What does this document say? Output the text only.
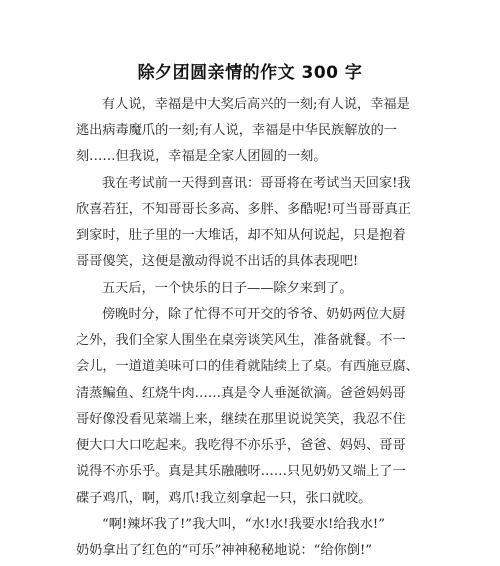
除夕团圆亲情的作文 300 字
有人说，幸福是中大奖后高兴的一刻;有人说，幸福是
逃出病毒魔爪的一刻;有人说，幸福是中华民族解放的一
刻……但我说，幸福是全家人团圆的一刻。
我在考试前一天得到喜讯：哥哥将在考试当天回家!我
欣喜若狂，不知哥哥长多高、多胖、多酷呢!可当哥哥真正
到家时，肚子里的一大堆话，却不知从何说起，只是抱着
哥哥傻笑，这便是激动得说不出话的具体表现吧!
五天后，一个快乐的日子——除夕来到了。
傍晚时分，除了忙得不可开交的爷爷、奶奶两位大厨
之外，我们全家人围坐在桌旁谈笑风生，准备就餐。不一
会儿，一道道美味可口的佳肴就陆续上了桌。有西施豆腐、
清蒸鳊鱼、红烧牛肉……真是令人垂涎欲滴。爸爸妈妈哥
哥好像没看见菜端上来，继续在那里说说笑笑，我忍不住
便大口大口吃起来。我吃得不亦乐乎，爸爸、妈妈、哥哥
说得不亦乐乎。真是其乐融融呀……只见奶奶又端上了一
碟子鸡爪，啊，鸡爪!我立刻拿起一只，张口就咬。
“啊!辣坏我了!”我大叫，“水!水!我要水!给我水!”
奶奶拿出了红色的“可乐”神神秘秘地说：“给你倒!”
